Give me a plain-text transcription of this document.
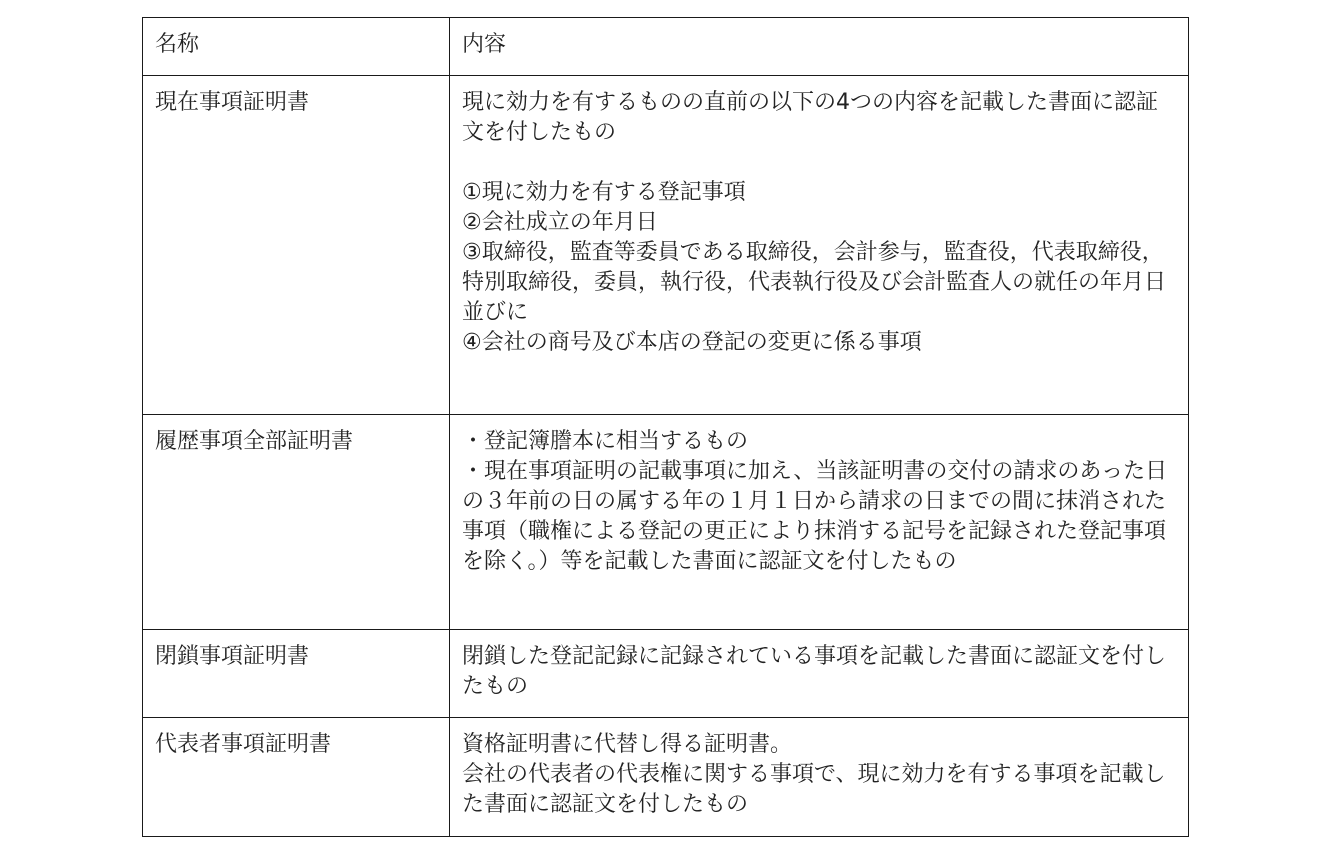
名称	内容
現在事項証明書	現に効力を有するものの直前の以下の4つの内容を記載した書面に認証文を付したもの
①現に効力を有する登記事項
②会社成立の年月日
③取締役，監査等委員である取締役，会計参与，監査役，代表取締役，特別取締役，委員，執行役，代表執行役及び会計監査人の就任の年月日並びに
④会社の商号及び本店の登記の変更に係る事項

履歴事項全部証明書	・登記簿謄本に相当するもの
・現在事項証明の記載事項に加え、当該証明書の交付の請求のあった日の３年前の日の属する年の１月１日から請求の日までの間に抹消された事項（職権による登記の更正により抹消する記号を記録された登記事項を除く。）等を記載した書面に認証文を付したもの

閉鎖事項証明書	閉鎖した登記記録に記録されている事項を記載した書面に認証文を付したもの

代表者事項証明書	資格証明書に代替し得る証明書。
会社の代表者の代表権に関する事項で、現に効力を有する事項を記載した書面に認証文を付したもの
